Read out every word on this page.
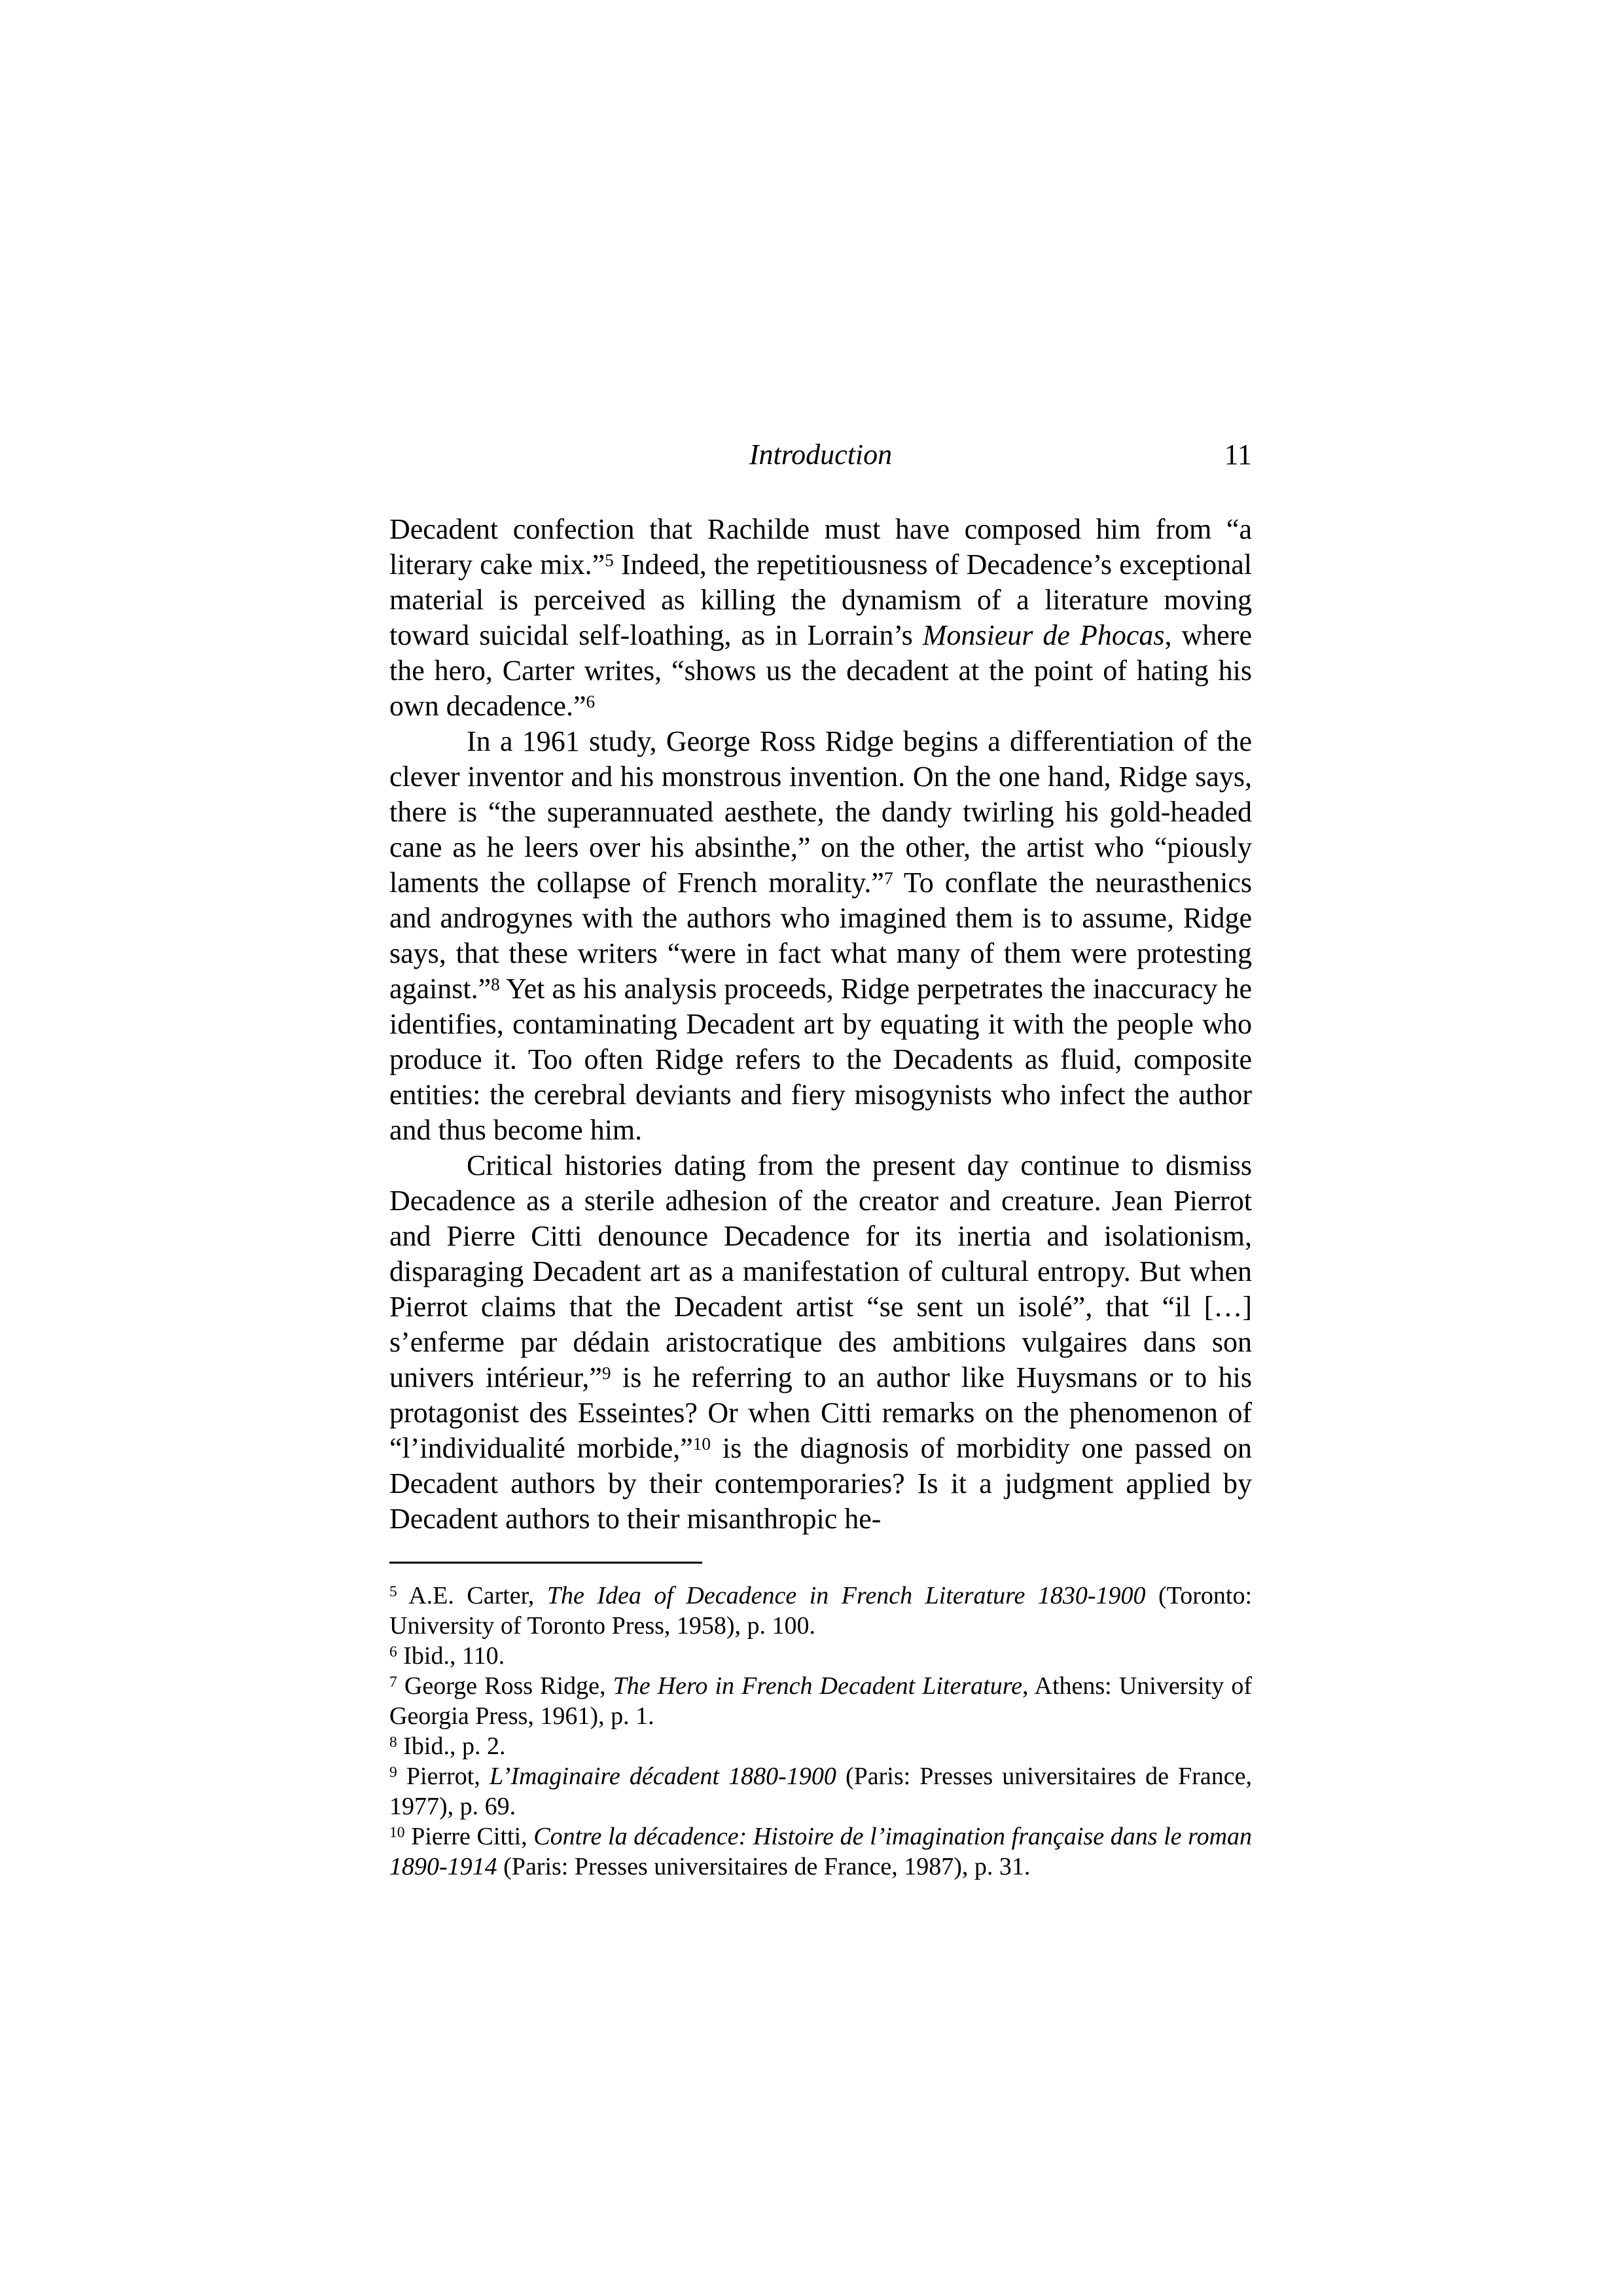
Introduction	11

Decadent confection that Rachilde must have composed him from “a literary cake mix.”$^5$ Indeed, the repetitiousness of Decadence’s exceptional material is perceived as killing the dynamism of a literature moving toward suicidal self-loathing, as in Lorrain’s Monsieur de Phocas, where the hero, Carter writes, “shows us the decadent at the point of hating his own decadence.”$^6$

In a 1961 study, George Ross Ridge begins a differentiation of the clever inventor and his monstrous invention. On the one hand, Ridge says, there is “the superannuated aesthete, the dandy twirling his gold-headed cane as he leers over his absinthe,” on the other, the artist who “piously laments the collapse of French morality.”$^7$ To conflate the neurasthenics and androgynes with the authors who imagined them is to assume, Ridge says, that these writers “were in fact what many of them were protesting against.”$^8$ Yet as his analysis proceeds, Ridge perpetrates the inaccuracy he identifies, contaminating Decadent art by equating it with the people who produce it. Too often Ridge refers to the Decadents as fluid, composite entities: the cerebral deviants and fiery misogynists who infect the author and thus become him.

Critical histories dating from the present day continue to dismiss Decadence as a sterile adhesion of the creator and creature. Jean Pierrot and Pierre Citti denounce Decadence for its inertia and isolationism, disparaging Decadent art as a manifestation of cultural entropy. But when Pierrot claims that the Decadent artist “se sent un isolé”, that “il […] s’enferme par dédain aristocratique des ambitions vulgaires dans son univers intérieur,”$^9$ is he referring to an author like Huysmans or to his protagonist des Esseintes? Or when Citti remarks on the phenomenon of “l’individualité morbide,”$^{10}$ is the diagnosis of morbidity one passed on Decadent authors by their contemporaries? Is it a judgment applied by Decadent authors to their misanthropic he-

$^5$ A.E. Carter, The Idea of Decadence in French Literature 1830-1900 (Toronto: University of Toronto Press, 1958), p. 100.

$^6$ Ibid., 110.

$^7$ George Ross Ridge, The Hero in French Decadent Literature, Athens: University of Georgia Press, 1961), p. 1.

$^8$ Ibid., p. 2.

$^9$ Pierrot, L’Imaginaire décadent 1880-1900 (Paris: Presses universitaires de France, 1977), p. 69.

$^{10}$ Pierre Citti, Contre la décadence: Histoire de l’imagination française dans le roman 1890-1914 (Paris: Presses universitaires de France, 1987), p. 31.
